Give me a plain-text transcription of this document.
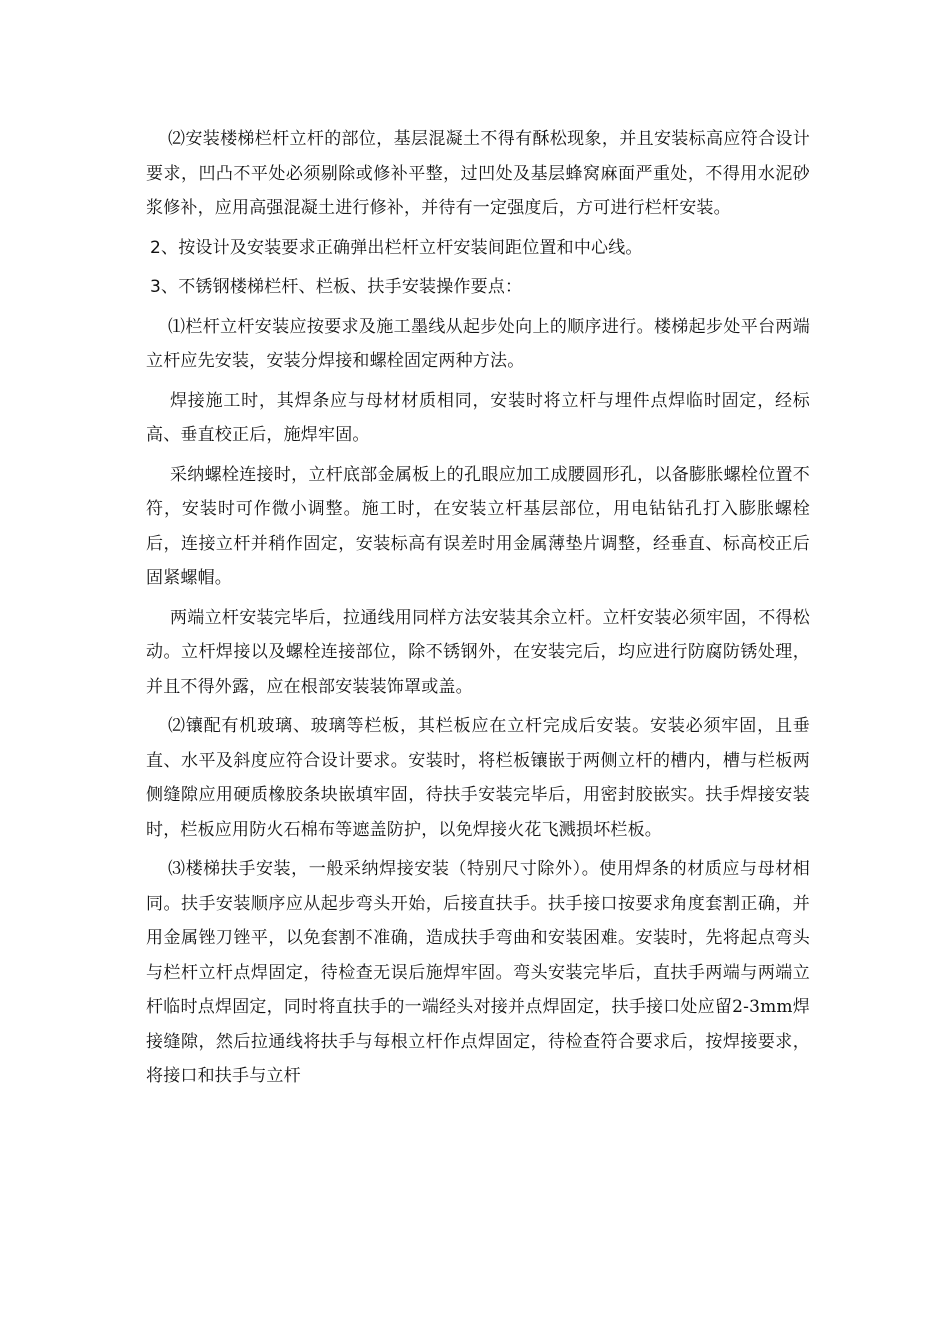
⑵安装楼梯栏杆立杆的部位，基层混凝土不得有酥松现象，并且安装标高应符合设计要求，凹凸不平处必须剔除或修补平整，过凹处及基层蜂窝麻面严重处，不得用水泥砂浆修补，应用高强混凝土进行修补，并待有一定强度后，方可进行栏杆安装。

2、按设计及安装要求正确弹出栏杆立杆安装间距位置和中心线。

3、不锈钢楼梯栏杆、栏板、扶手安装操作要点：

⑴栏杆立杆安装应按要求及施工墨线从起步处向上的顺序进行。楼梯起步处平台两端立杆应先安装，安装分焊接和螺栓固定两种方法。

焊接施工时，其焊条应与母材材质相同，安装时将立杆与埋件点焊临时固定，经标高、垂直校正后，施焊牢固。

采纳螺栓连接时，立杆底部金属板上的孔眼应加工成腰圆形孔，以备膨胀螺栓位置不符，安装时可作微小调整。施工时，在安装立杆基层部位，用电钻钻孔打入膨胀螺栓后，连接立杆并稍作固定，安装标高有误差时用金属薄垫片调整，经垂直、标高校正后固紧螺帽。

两端立杆安装完毕后，拉通线用同样方法安装其余立杆。立杆安装必须牢固，不得松动。立杆焊接以及螺栓连接部位，除不锈钢外，在安装完后，均应进行防腐防锈处理，并且不得外露，应在根部安装装饰罩或盖。

⑵镶配有机玻璃、玻璃等栏板，其栏板应在立杆完成后安装。安装必须牢固，且垂直、水平及斜度应符合设计要求。安装时，将栏板镶嵌于两侧立杆的槽内，槽与栏板两侧缝隙应用硬质橡胶条块嵌填牢固，待扶手安装完毕后，用密封胶嵌实。扶手焊接安装时，栏板应用防火石棉布等遮盖防护，以免焊接火花飞溅损坏栏板。

⑶楼梯扶手安装，一般采纳焊接安装（特别尺寸除外）。使用焊条的材质应与母材相同。扶手安装顺序应从起步弯头开始，后接直扶手。扶手接口按要求角度套割正确，并用金属锉刀锉平，以免套割不准确，造成扶手弯曲和安装困难。安装时，先将起点弯头与栏杆立杆点焊固定，待检查无误后施焊牢固。弯头安装完毕后，直扶手两端与两端立杆临时点焊固定，同时将直扶手的一端经头对接并点焊固定，扶手接口处应留2-3mm焊接缝隙，然后拉通线将扶手与每根立杆作点焊固定，待检查符合要求后，按焊接要求，将接口和扶手与立杆
